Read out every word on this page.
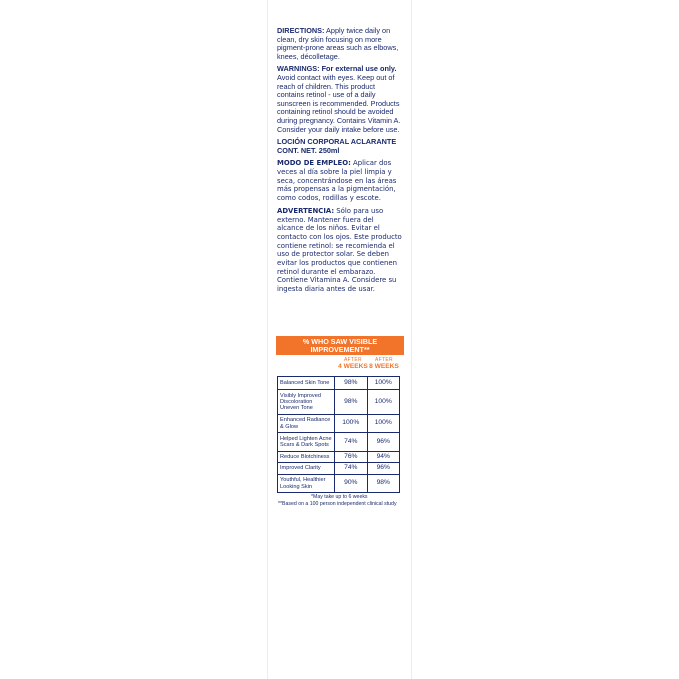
DIRECTIONS: Apply twice daily on clean, dry skin focusing on more pigment-prone areas such as elbows, knees, décolletage.

WARNINGS: For external use only. Avoid contact with eyes. Keep out of reach of children. This product contains retinol - use of a daily sunscreen is recommended. Products containing retinol should be avoided during pregnancy. Contains Vitamin A. Consider your daily intake before use.

LOCIÓN CORPORAL ACLARANTE
CONT. NET. 250ml

MODO DE EMPLEO: Aplicar dos veces al día sobre la piel limpia y seca, concentrándose en las áreas más propensas a la pigmentación, como codos, rodillas y escote.

ADVERTENCIA: Sólo para uso externo. Mantener fuera del alcance de los niños. Evitar el contacto con los ojos. Este producto contiene retinol: se recomienda el uso de protector solar. Se deben evitar los productos que contienen retinol durante el embarazo. Contiene Vitamina A. Considere su ingesta diaria antes de usar.

% WHO SAW VISIBLE
IMPROVEMENT**
AFTER
4 WEEKS
AFTER
8 WEEKS
Balanced Skin Tone	98%	100%
Visibly Improved Discoloration Uneven Tone	98%	100%
Enhanced Radiance & Glow	100%	100%
Helped Lighten Acne Scars & Dark Spots	74%	96%
Reduce Blotchiness	76%	94%
Improved Clarity	74%	96%
Youthful, Healthier Looking Skin	90%	98%
*May take up to 6 weeks
**Based on a 100 person independent clinical study
